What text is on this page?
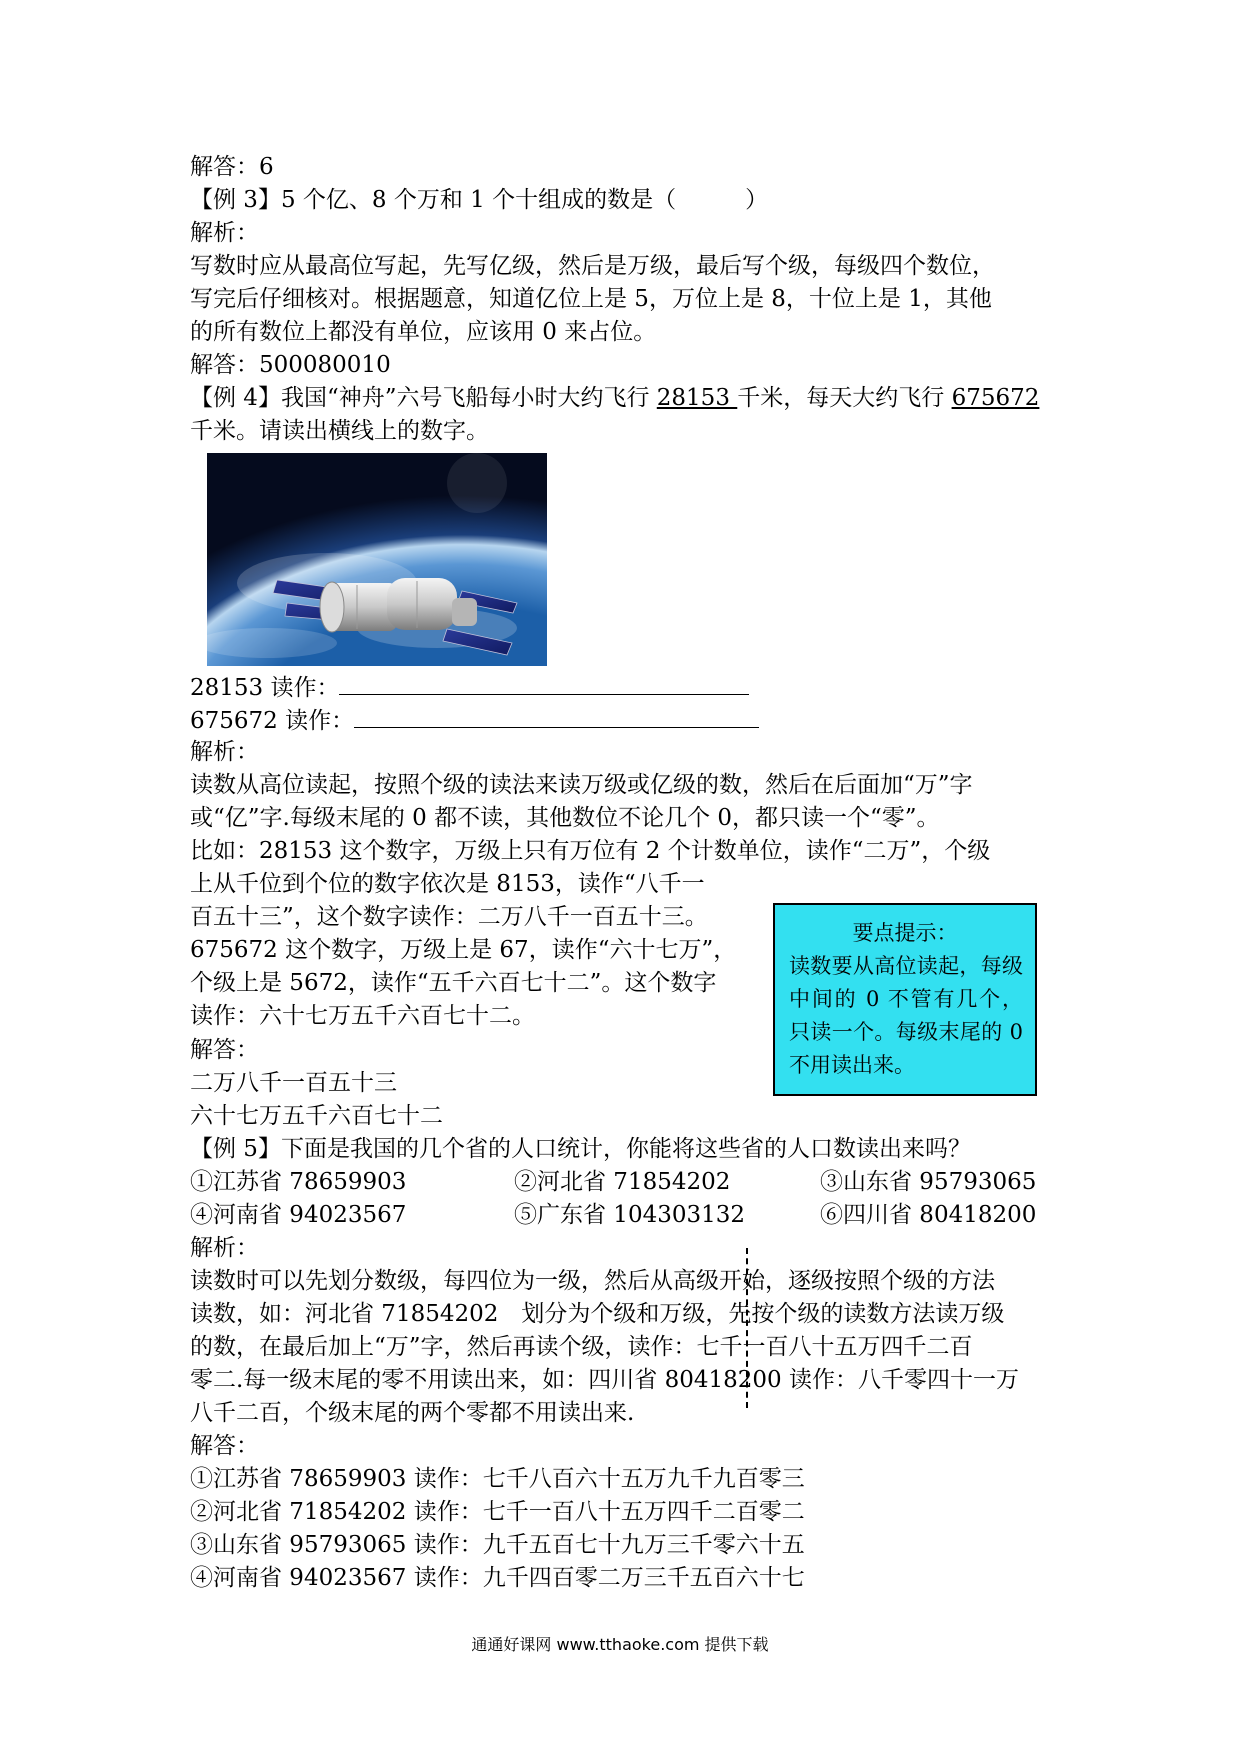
解答：6
【例 3】5 个亿、8 个万和 1 个十组成的数是（　　　）
解析：
写数时应从最高位写起，先写亿级，然后是万级，最后写个级，每级四个数位，
写完后仔细核对。根据题意，知道亿位上是 5，万位上是 8，十位上是 1，其他
的所有数位上都没有单位，应该用 0 来占位。
解答：500080010
【例 4】我国“神舟”六号飞船每小时大约飞行 28153 千米，每天大约飞行 675672
千米。请读出横线上的数字。
28153 读作：
675672 读作：
解析：
读数从高位读起，按照个级的读法来读万级或亿级的数，然后在后面加“万”字
或“亿”字.每级末尾的 0 都不读，其他数位不论几个 0，都只读一个“零”。
比如：28153 这个数字，万级上只有万位有 2 个计数单位，读作“二万”，个级
上从千位到个位的数字依次是 8153，读作“八千一
百五十三”，这个数字读作：二万八千一百五十三。
675672 这个数字，万级上是 67，读作“六十七万”，
个级上是 5672，读作“五千六百七十二”。这个数字
读作：六十七万五千六百七十二。
解答：
二万八千一百五十三
六十七万五千六百七十二
要点提示：
读数要从高位读起，每级中间的 0 不管有几个，只读一个。每级末尾的 0 不用读出来。
【例 5】下面是我国的几个省的人口统计，你能将这些省的人口数读出来吗？
①江苏省 78659903	②河北省 71854202	③山东省 95793065
④河南省 94023567	⑤广东省 104303132	⑥四川省 80418200
解析：
读数时可以先划分数级，每四位为一级，然后从高级开始，逐级按照个级的方法
读数，如：河北省 71854202　划分为个级和万级，先按个级的读数方法读万级
的数，在最后加上“万”字，然后再读个级，读作：七千一百八十五万四千二百
零二.每一级末尾的零不用读出来，如：四川省 80418200 读作：八千零四十一万
八千二百，个级末尾的两个零都不用读出来.
解答：
①江苏省 78659903 读作：七千八百六十五万九千九百零三
②河北省 71854202 读作：七千一百八十五万四千二百零二
③山东省 95793065 读作：九千五百七十九万三千零六十五
④河南省 94023567 读作：九千四百零二万三千五百六十七
通通好课网 www.tthaoke.com 提供下载
